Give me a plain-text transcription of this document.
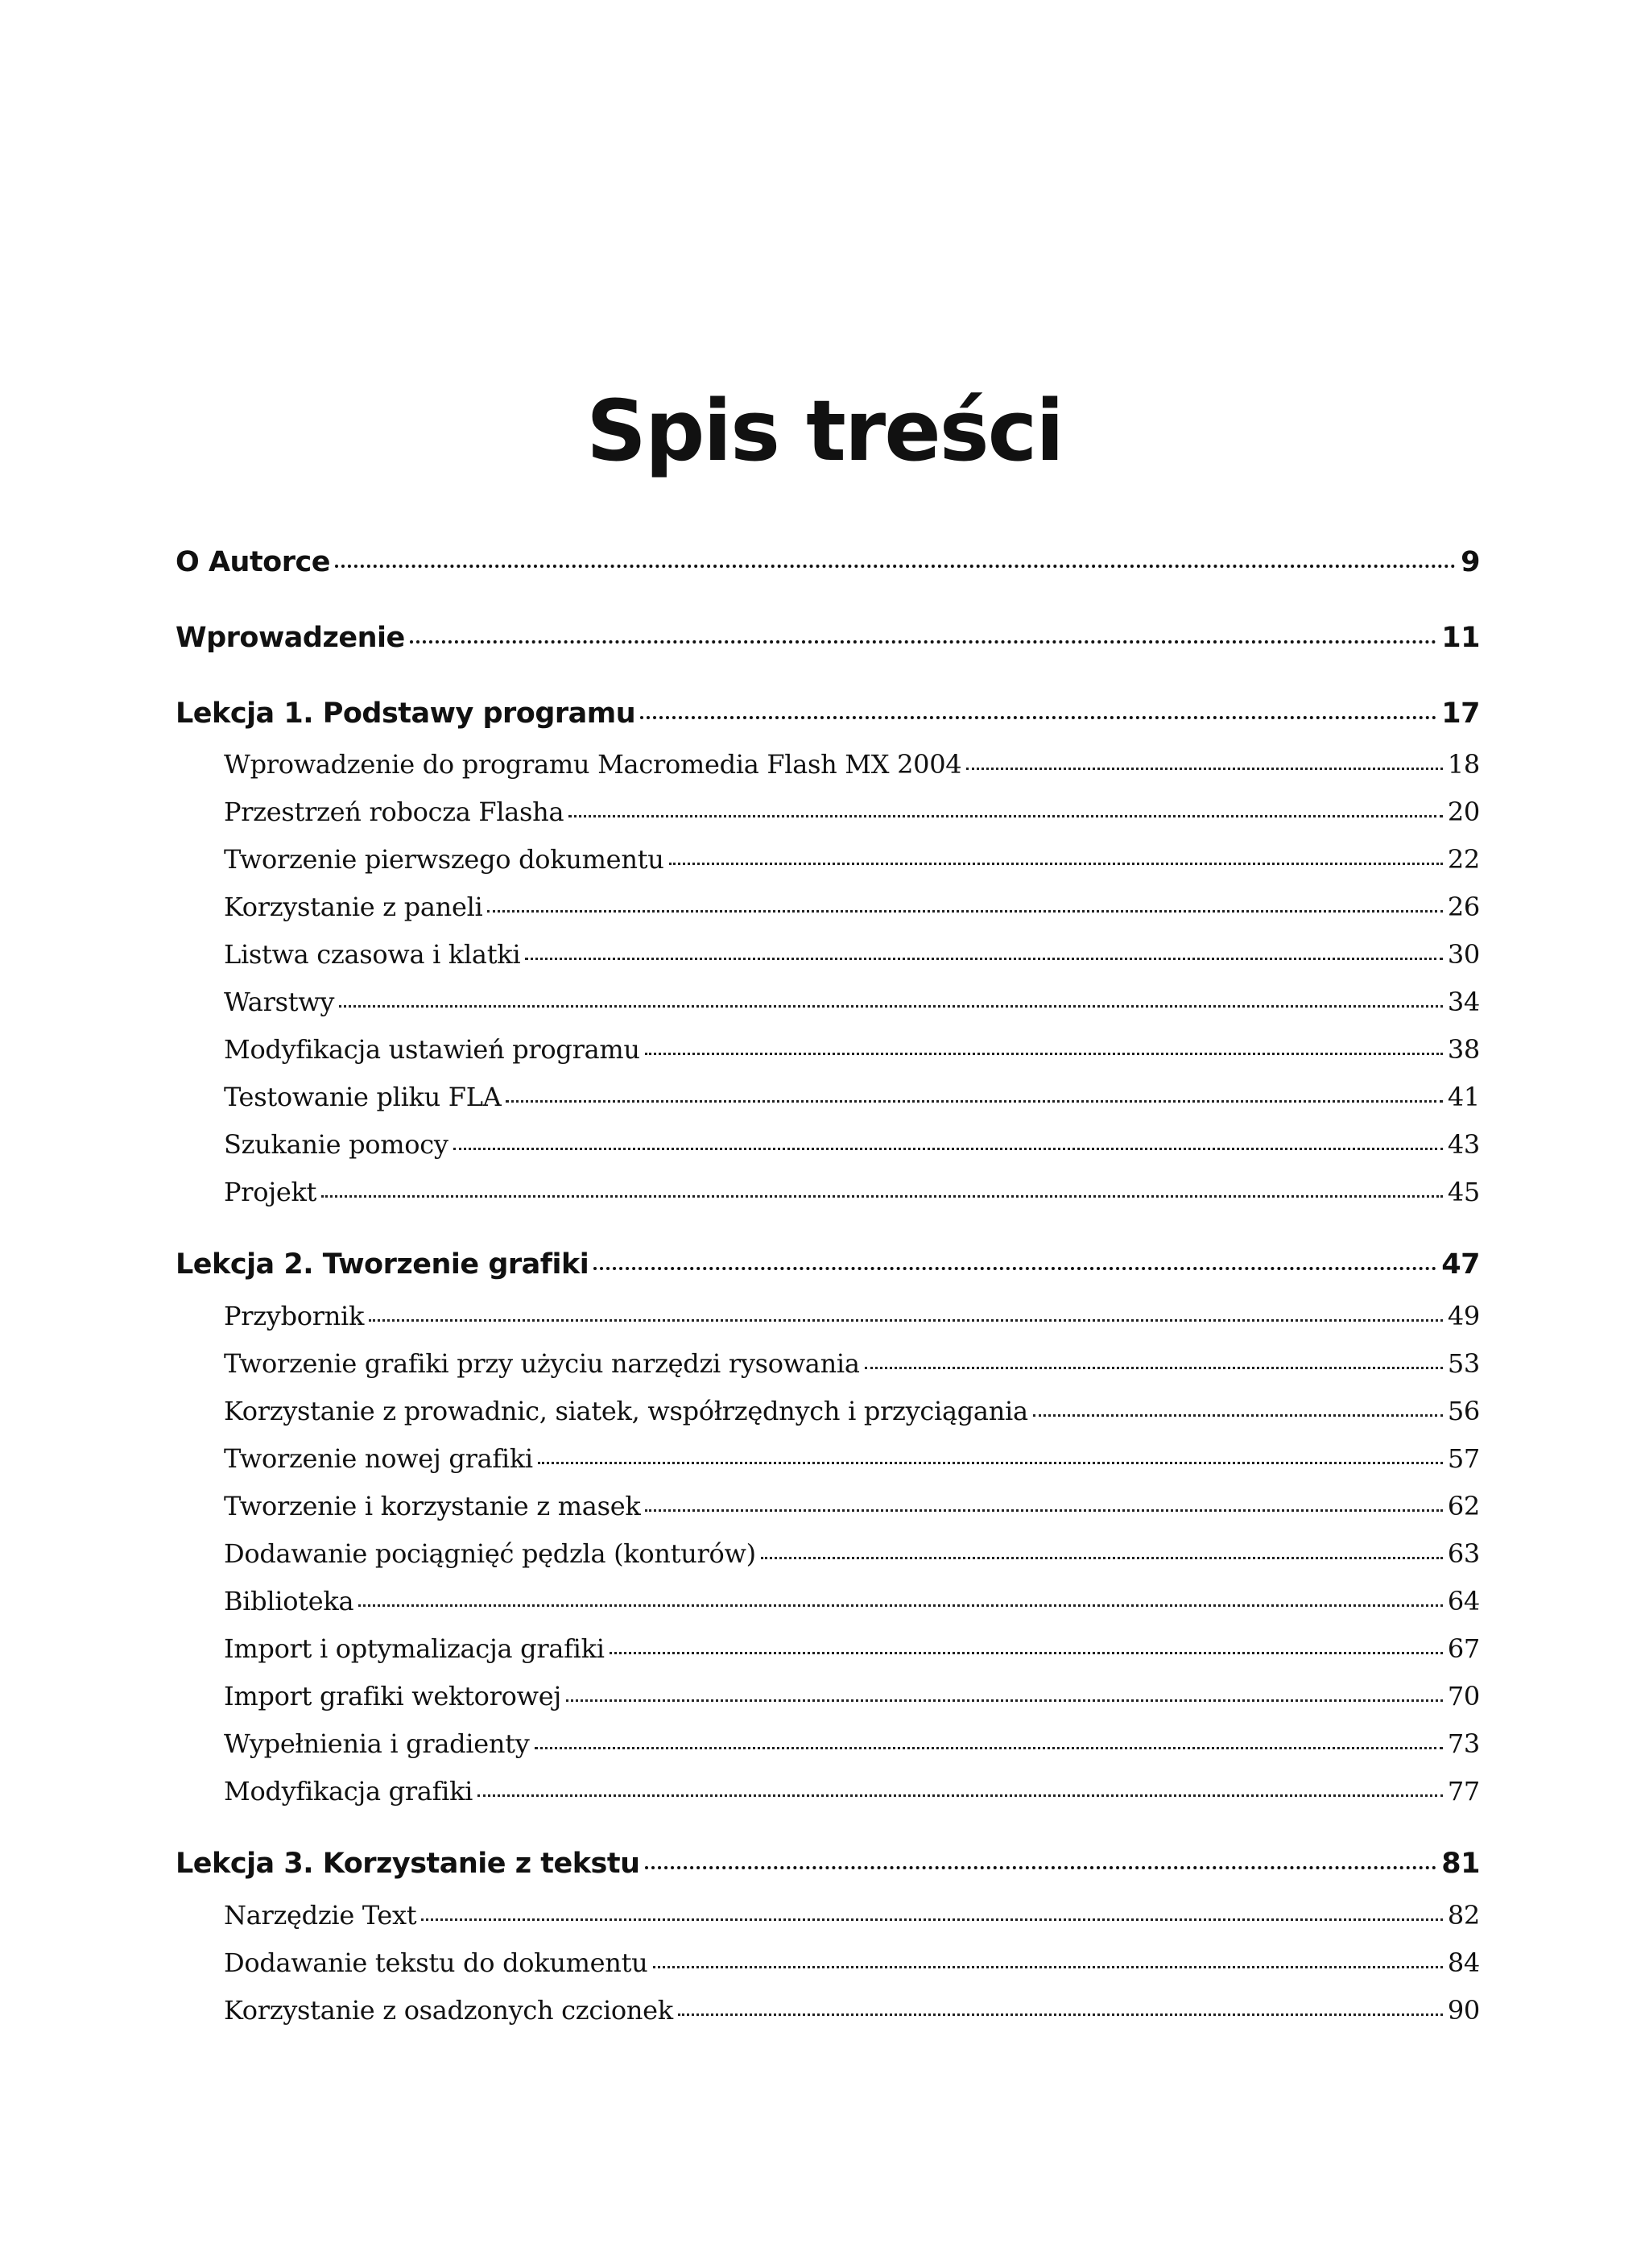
Spis treści
O Autorce	9
Wprowadzenie	11
Lekcja 1. Podstawy programu	17
Wprowadzenie do programu Macromedia Flash MX 2004	18
Przestrzeń robocza Flasha	20
Tworzenie pierwszego dokumentu	22
Korzystanie z paneli	26
Listwa czasowa i klatki	30
Warstwy	34
Modyfikacja ustawień programu	38
Testowanie pliku FLA	41
Szukanie pomocy	43
Projekt	45
Lekcja 2. Tworzenie grafiki	47
Przybornik	49
Tworzenie grafiki przy użyciu narzędzi rysowania	53
Korzystanie z prowadnic, siatek, współrzędnych i przyciągania	56
Tworzenie nowej grafiki	57
Tworzenie i korzystanie z masek	62
Dodawanie pociągnięć pędzla (konturów)	63
Biblioteka	64
Import i optymalizacja grafiki	67
Import grafiki wektorowej	70
Wypełnienia i gradienty	73
Modyfikacja grafiki	77
Lekcja 3. Korzystanie z tekstu	81
Narzędzie Text	82
Dodawanie tekstu do dokumentu	84
Korzystanie z osadzonych czcionek	90
